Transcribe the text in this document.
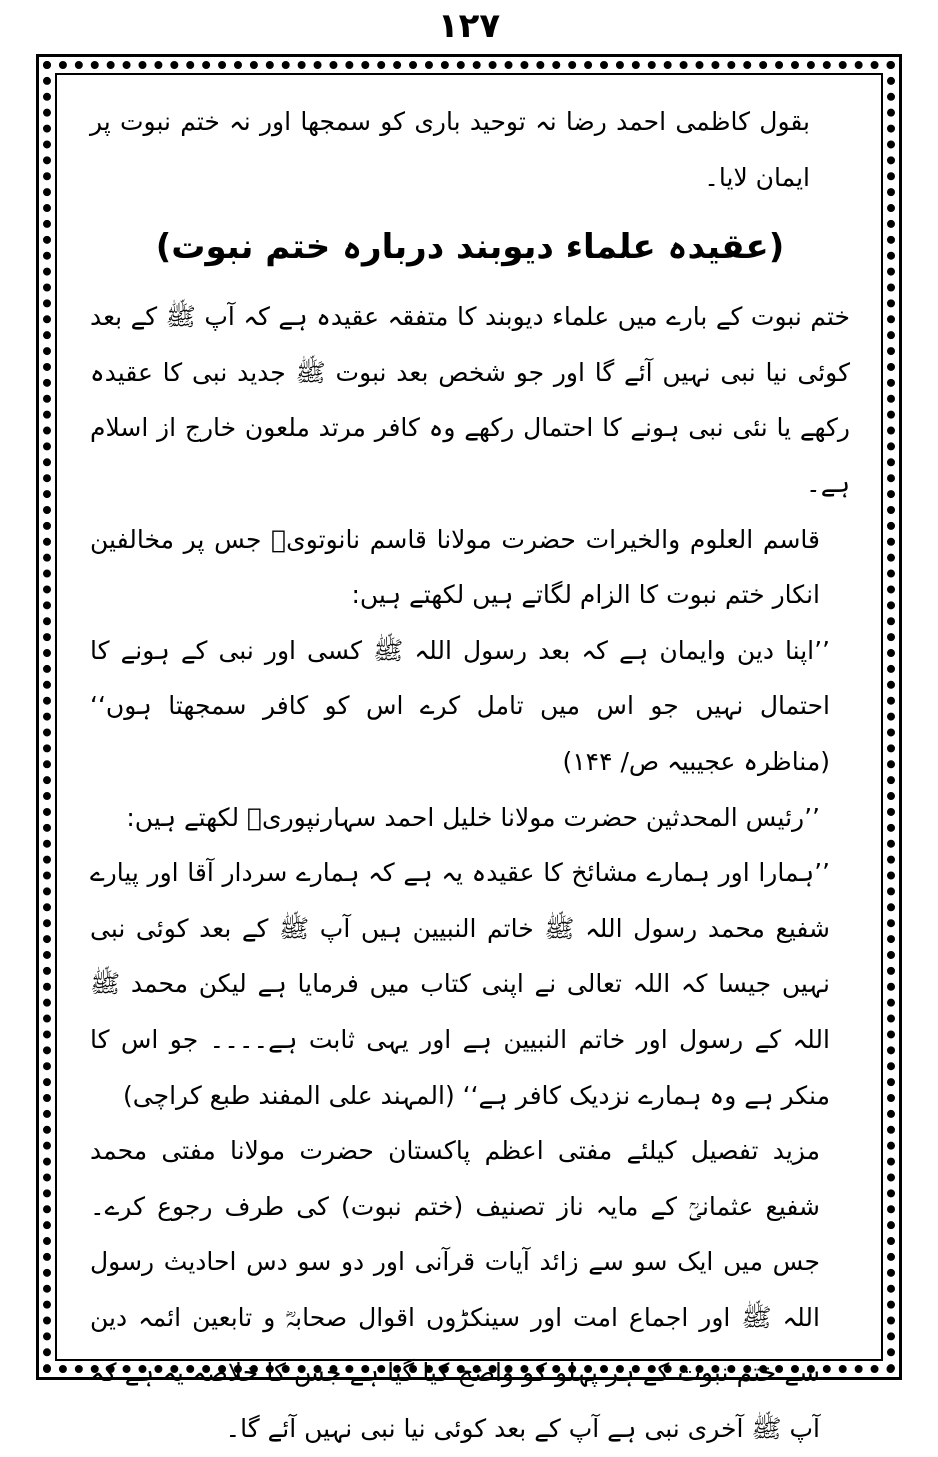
۱۲۷

بقول کاظمی احمد رضا نہ توحید باری کو سمجھا اور نہ ختم نبوت پر ایمان لایا۔

(عقیدہ علماء دیوبند دربارہ ختم نبوت)

ختم نبوت کے بارے میں علماء دیوبند کا متفقہ عقیدہ ہے کہ آپ ﷺ کے بعد کوئی نیا نبی نہیں آئے گا اور جو شخص بعد نبوت ﷺ جدید نبی کا عقیدہ رکھے یا نئی نبی ہونے کا احتمال رکھے وہ کافر مرتد ملعون خارج از اسلام ہے۔

قاسم العلوم والخیرات حضرت مولانا قاسم نانوتویؒ جس پر مخالفین انکار ختم نبوت کا الزام لگاتے ہیں لکھتے ہیں:

’’اپنا دین وایمان ہے کہ بعد رسول اللہ ﷺ کسی اور نبی کے ہونے کا احتمال نہیں جو اس میں تامل کرے اس کو کافر سمجھتا ہوں‘‘ (مناظرہ عجیبیہ ص/ ۱۴۴)

’’رئیس المحدثین حضرت مولانا خلیل احمد سہارنپوریؒ لکھتے ہیں:

’’ہمارا اور ہمارے مشائخ کا عقیدہ یہ ہے کہ ہمارے سردار آقا اور پیارے شفیع محمد رسول اللہ ﷺ خاتم النبیین ہیں آپ ﷺ کے بعد کوئی نبی نہیں جیسا کہ اللہ تعالی نے اپنی کتاب میں فرمایا ہے لیکن محمد ﷺ اللہ کے رسول اور خاتم النبیین ہے اور یہی ثابت ہے۔۔۔۔ جو اس کا منکر ہے وہ ہمارے نزدیک کافر ہے‘‘ (المہند علی المفند طبع کراچی)

مزید تفصیل کیلئے مفتی اعظم پاکستان حضرت مولانا مفتی محمد شفیع عثمانیؒ کے مایہ ناز تصنیف (ختم نبوت) کی طرف رجوع کرے۔ جس میں ایک سو سے زائد آیات قرآنی اور دو سو دس احادیث رسول اللہ ﷺ اور اجماع امت اور سینکڑوں اقوال صحابہؓ و تابعین ائمہ دین سے ختم نبوت کے ہر پہلو کو واضح کیا گیا ہے جس کا خلاصہ یہ ہے کہ آپ ﷺ آخری نبی ہے آپ کے بعد کوئی نیا نبی نہیں آئے گا۔
